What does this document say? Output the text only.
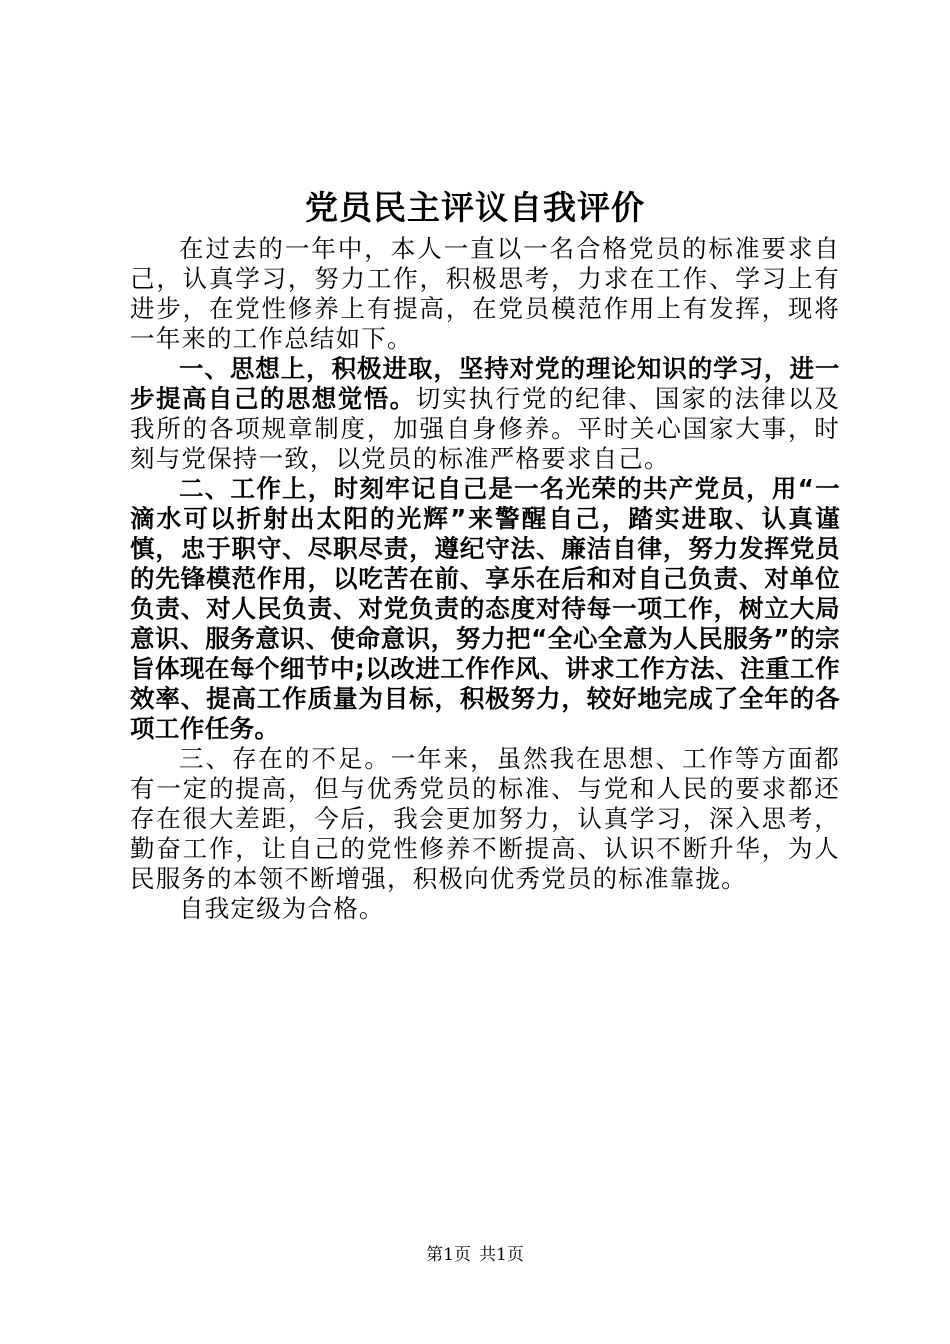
党员民主评议自我评价

在过去的一年中，本人一直以一名合格党员的标准要求自己，认真学习，努力工作，积极思考，力求在工作、学习上有进步，在党性修养上有提高，在党员模范作用上有发挥，现将一年来的工作总结如下。

一、思想上，积极进取，坚持对党的理论知识的学习，进一步提高自己的思想觉悟。切实执行党的纪律、国家的法律以及我所的各项规章制度，加强自身修养。平时关心国家大事，时刻与党保持一致，以党员的标准严格要求自己。

二、工作上，时刻牢记自己是一名光荣的共产党员，用“一滴水可以折射出太阳的光辉”来警醒自己，踏实进取、认真谨慎，忠于职守、尽职尽责，遵纪守法、廉洁自律，努力发挥党员的先锋模范作用，以吃苦在前、享乐在后和对自己负责、对单位负责、对人民负责、对党负责的态度对待每一项工作，树立大局意识、服务意识、使命意识，努力把“全心全意为人民服务”的宗旨体现在每个细节中;以改进工作作风、讲求工作方法、注重工作效率、提高工作质量为目标，积极努力，较好地完成了全年的各项工作任务。

三、存在的不足。一年来，虽然我在思想、工作等方面都有一定的提高，但与优秀党员的标准、与党和人民的要求都还存在很大差距，今后，我会更加努力，认真学习，深入思考，勤奋工作，让自己的党性修养不断提高、认识不断升华，为人民服务的本领不断增强，积极向优秀党员的标准靠拢。

自我定级为合格。

第1页 共1页
